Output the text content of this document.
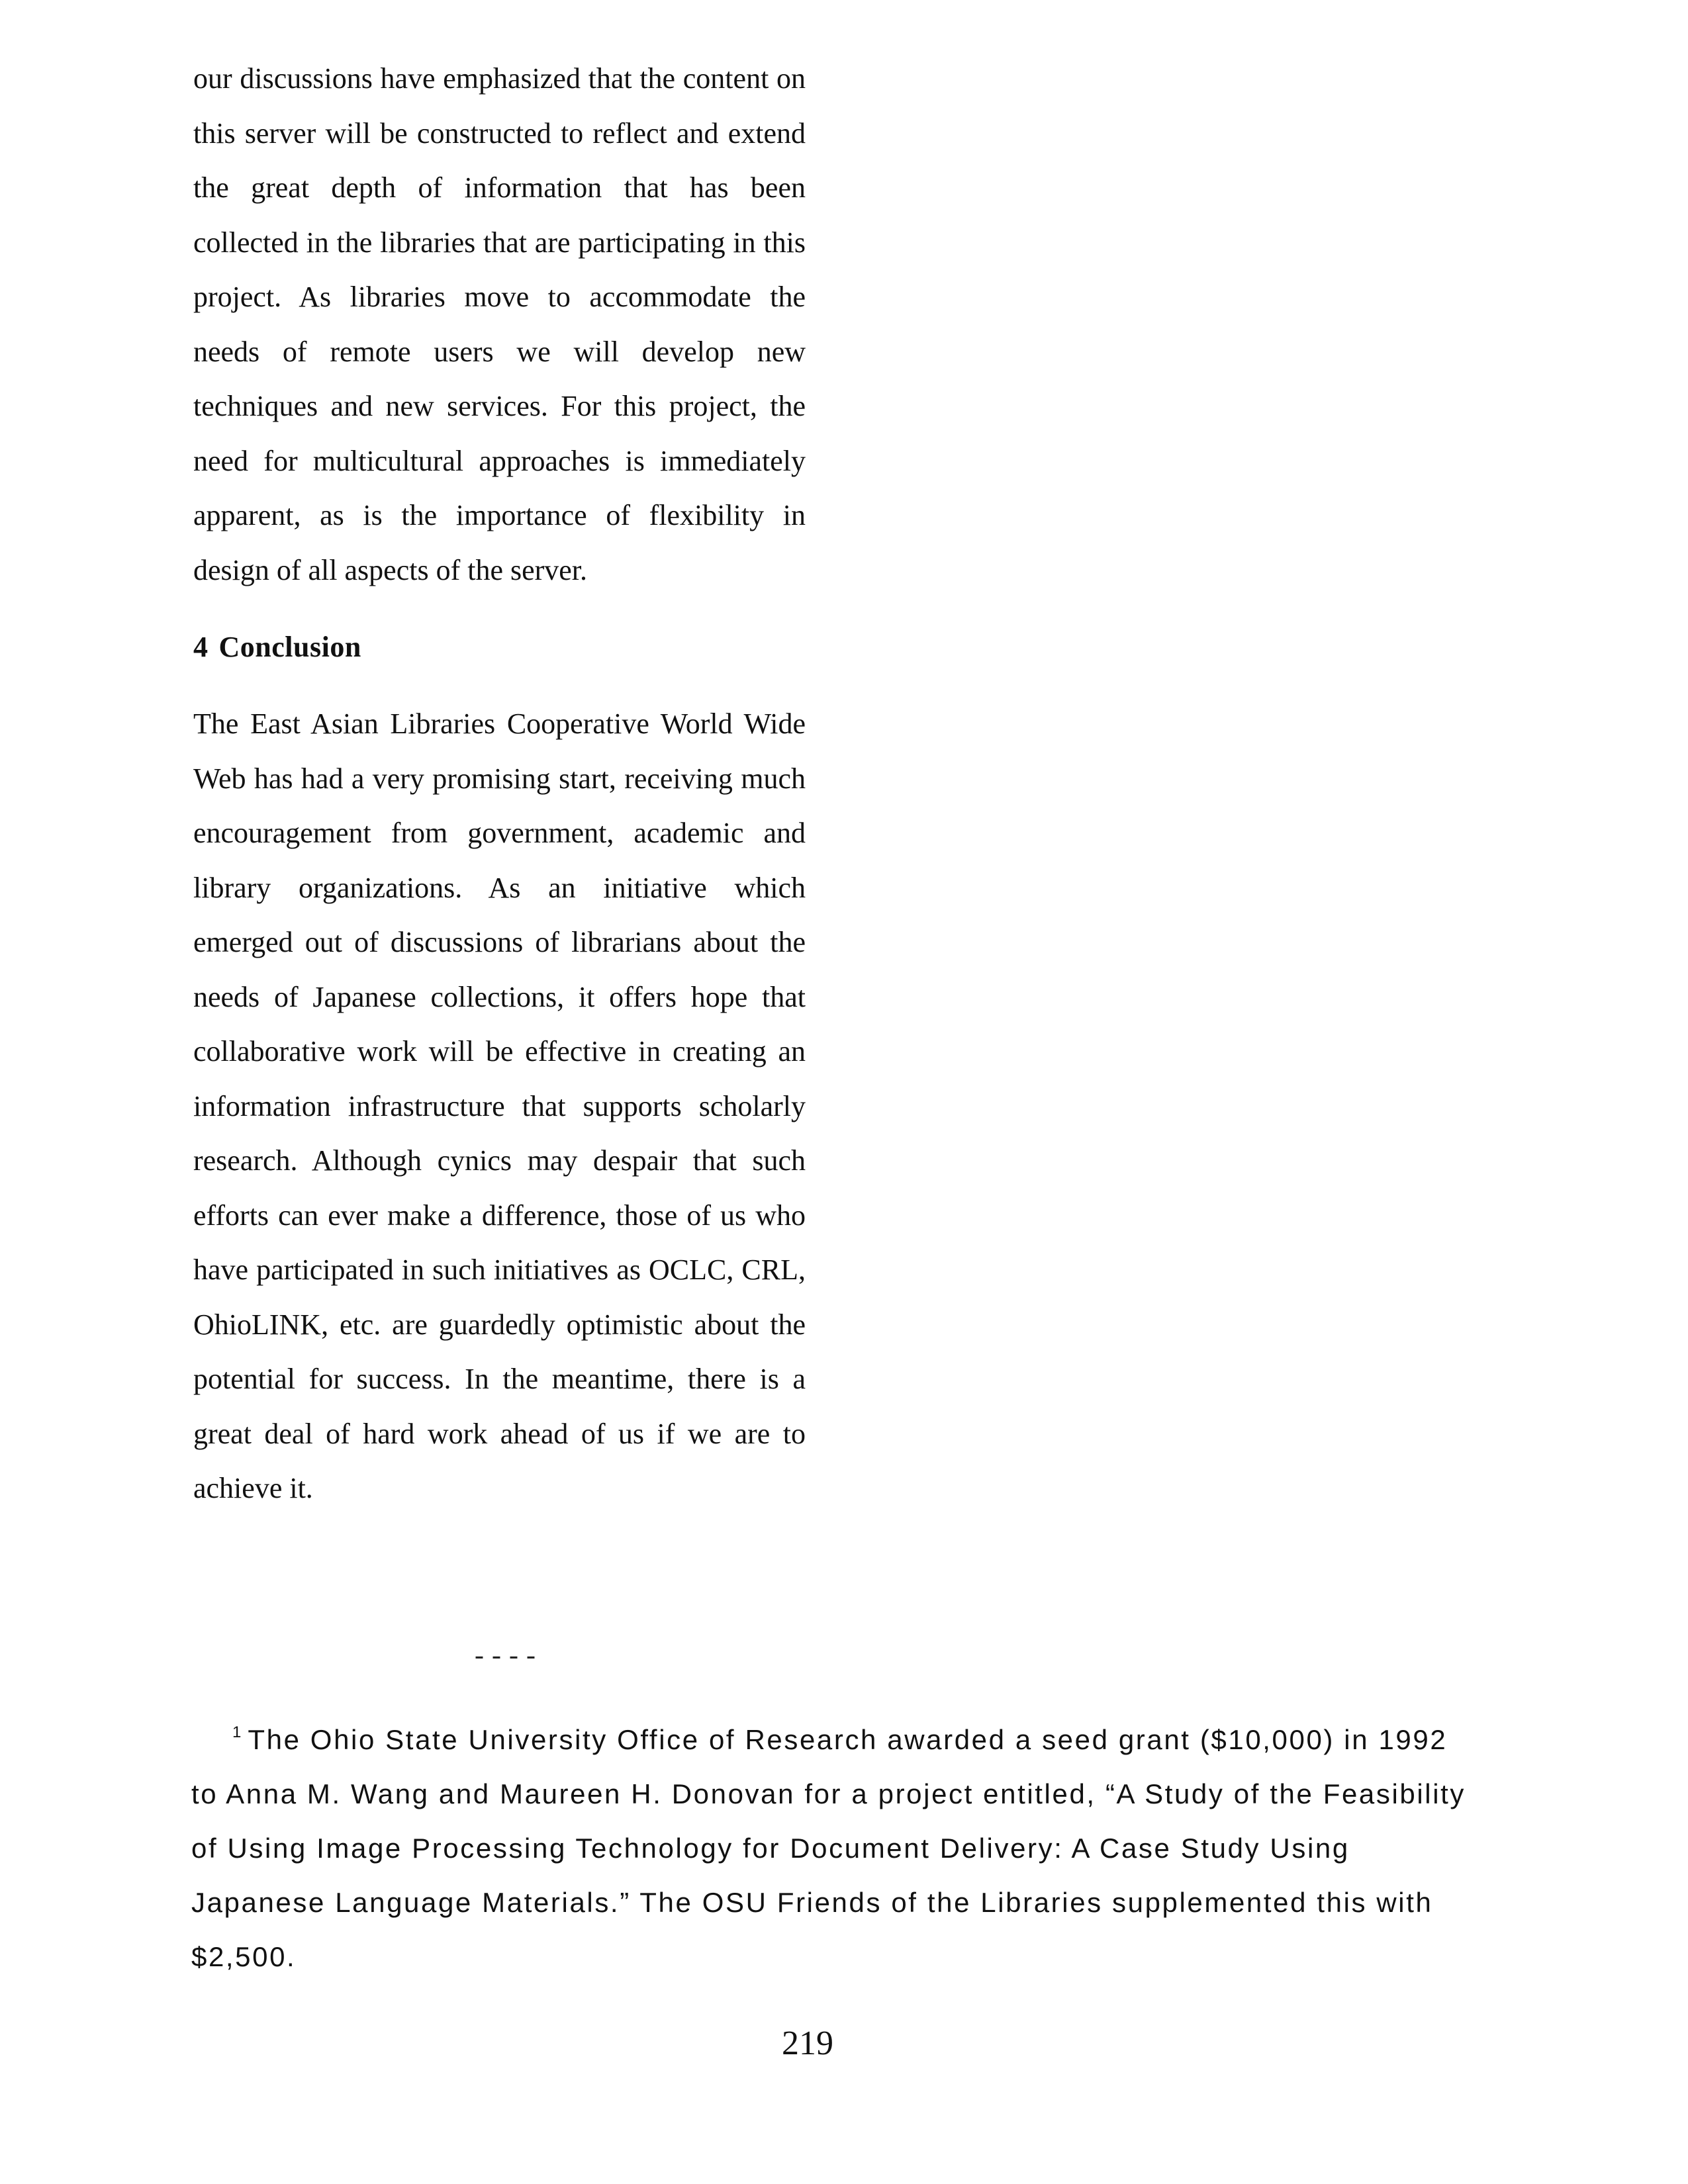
our discussions have emphasized that the content on this server will be constructed to reflect and extend the great depth of information that has been collected in the libraries that are participating in this project. As libraries move to accommodate the needs of remote users we will develop new techniques and new services. For this project, the need for multicultural approaches is immediately apparent, as is the importance of flexibility in design of all aspects of the server.

4 Conclusion

The East Asian Libraries Cooperative World Wide Web has had a very promising start, receiving much encouragement from government, academic and library organizations. As an initiative which emerged out of discussions of librarians about the needs of Japanese collections, it offers hope that collaborative work will be effective in creating an information infrastructure that supports scholarly research. Although cynics may despair that such efforts can ever make a difference, those of us who have participated in such initiatives as OCLC, CRL, OhioLINK, etc. are guardedly optimistic about the potential for success. In the meantime, there is a great deal of hard work ahead of us if we are to achieve it.

----

$^1$ The Ohio State University Office of Research awarded a seed grant ($10,000) in 1992 to Anna M. Wang and Maureen H. Donovan for a project entitled, “A Study of the Feasibility of Using Image Processing Technology for Document Delivery: A Case Study Using Japanese Language Materials.” The OSU Friends of the Libraries supplemented this with $2,500.

219
